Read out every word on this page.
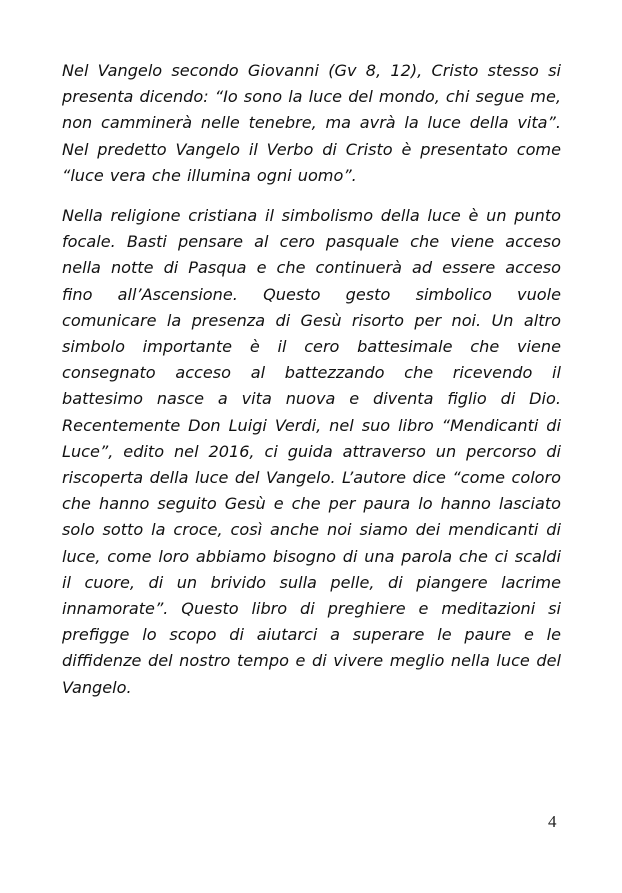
Nel Vangelo secondo Giovanni (Gv 8, 12), Cristo stesso si presenta dicendo: “Io sono la luce del mondo, chi segue me, non camminerà nelle tenebre, ma avrà la luce della vita”. Nel predetto Vangelo il Verbo di Cristo è presentato come “luce vera che illumina ogni uomo”.

Nella religione cristiana il simbolismo della luce è un punto focale. Basti pensare al cero pasquale che viene acceso nella notte di Pasqua e che continuerà ad essere acceso fino all’Ascensione. Questo gesto simbolico vuole comunicare la presenza di Gesù risorto per noi. Un altro simbolo importante è il cero battesimale che viene consegnato acceso al battezzando che ricevendo il battesimo nasce a vita nuova e diventa figlio di Dio. Recentemente Don Luigi Verdi, nel suo libro “Mendicanti di Luce”, edito nel 2016, ci guida attraverso un percorso di riscoperta della luce del Vangelo. L’autore dice “come coloro che hanno seguito Gesù e che per paura lo hanno lasciato solo sotto la croce, così anche noi siamo dei mendicanti di luce, come loro abbiamo bisogno di una parola che ci scaldi il cuore, di un brivido sulla pelle, di piangere lacrime innamorate”. Questo libro di preghiere e meditazioni si prefigge lo scopo di aiutarci a superare le paure e le diffidenze del nostro tempo e di vivere meglio nella luce del Vangelo.

4
